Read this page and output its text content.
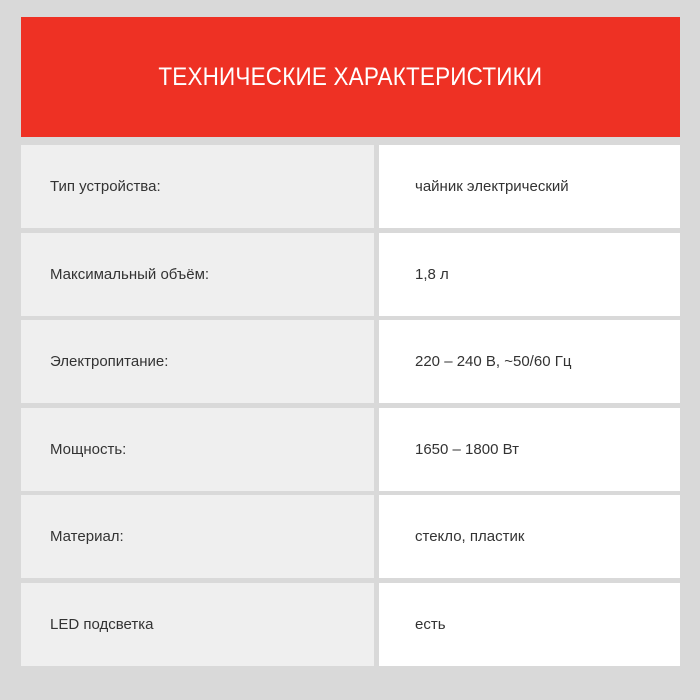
ТЕХНИЧЕСКИЕ ХАРАКТЕРИСТИКИ
Тип устройства:	чайник электрический
Максимальный объём:	1,8 л
Электропитание:	220 – 240 В, ~50/60 Гц
Мощность:	1650 – 1800 Вт
Материал:	стекло, пластик
LED подсветка	есть
